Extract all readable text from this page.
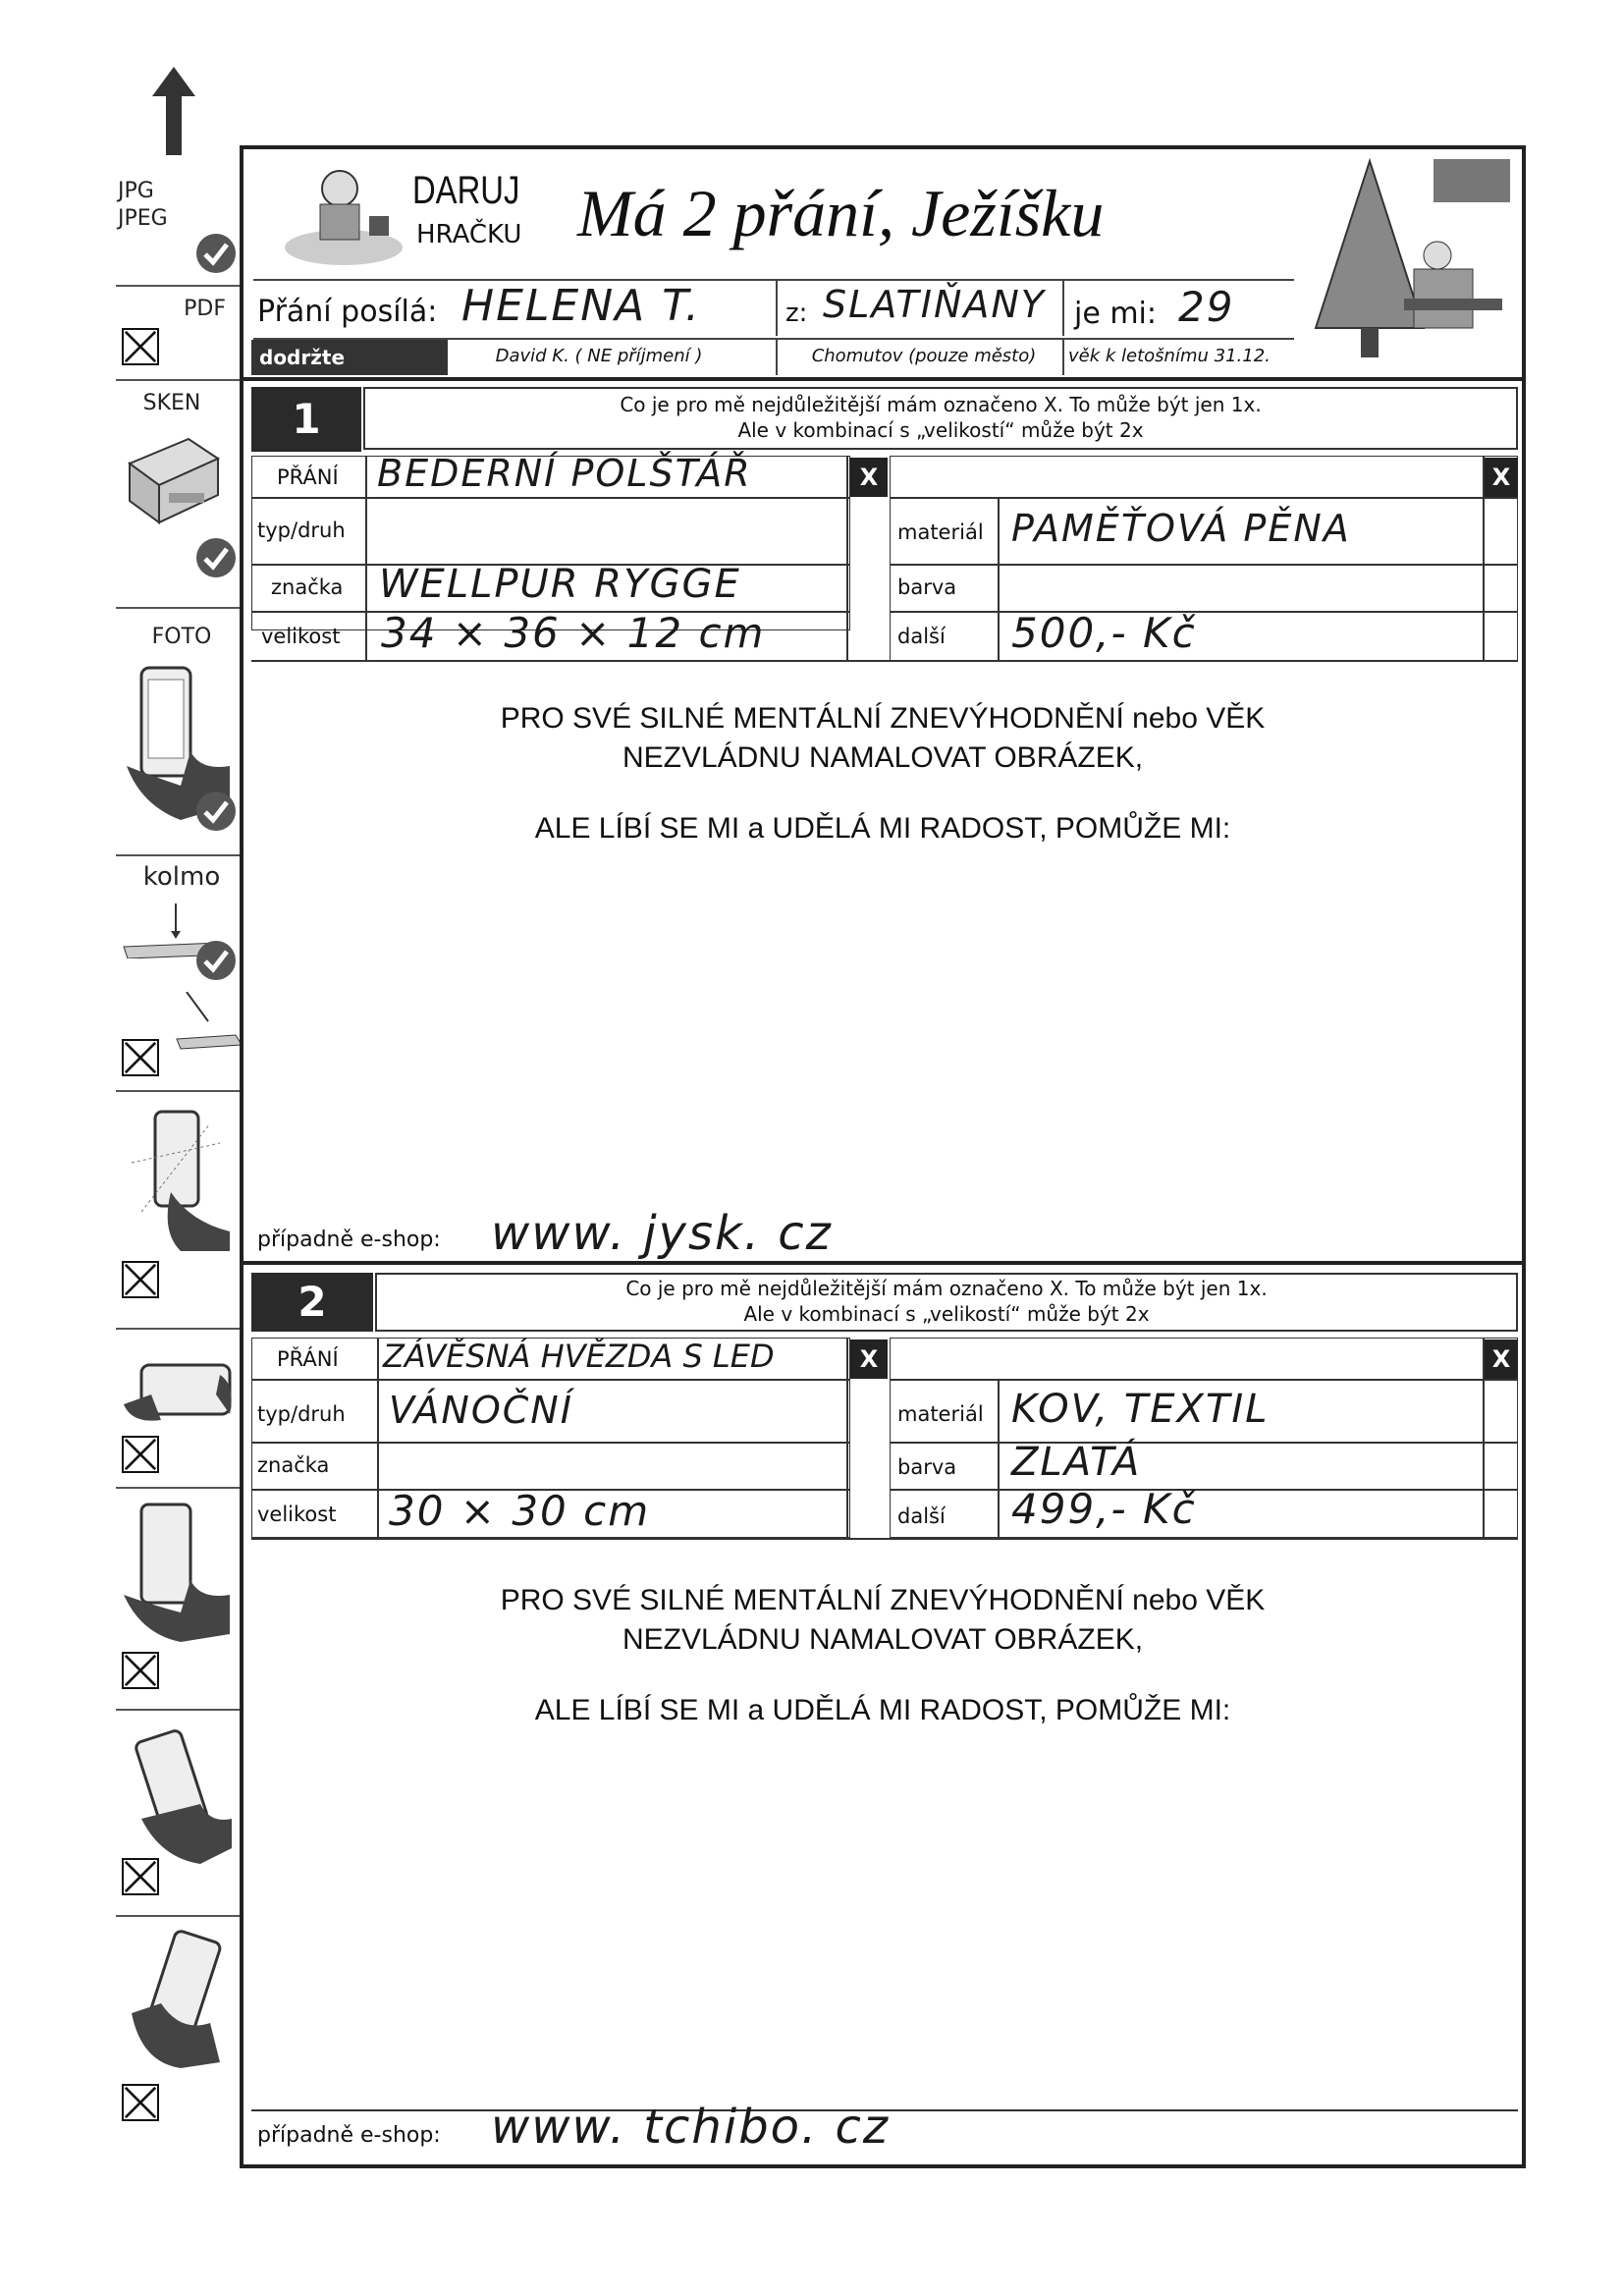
JPG
JPEG
PDF
SKEN
FOTO
kolmo
DARUJ
HRAČKU Má 2 přání, Ježíšku
Přání posílá: HELENA T.	z: SLATIŇANY je mi: 29
dodržte	David K. ( NE příjmení )	Chomutov (pouze město)	věk k letošnímu 31.12.
1	Co je pro mě nejdůležitější mám označeno X. To může být jen 1x.
Ale v kombinací s „velikostí“ může být 2x
PŘÁNÍ BEDERNÍ POLŠTÁŘ
typ/druh
značka WELLPUR RYGGE
velikost 34 × 36 × 12 cm
X	X
materiál PAMĚŤOVÁ PĚNA
barva
další 500,- Kč
PRO SVÉ SILNÉ MENTÁLNÍ ZNEVÝHODNĚNÍ nebo VĚK
NEZVLÁDNU NAMALOVAT OBRÁZEK,
ALE LÍBÍ SE MI a UDĚLÁ MI RADOST, POMŮŽE MI:
případně e-shop: www. jysk. cz
2	Co je pro mě nejdůležitější mám označeno X. To může být jen 1x.
Ale v kombinací s „velikostí“ může být 2x
PŘÁNÍ ZÁVĚSNÁ HVĚZDA S LED
typ/druh VÁNOČNÍ
značka
velikost 30 × 30 cm
X	X
materiál KOV, TEXTIL
barva ZLATÁ
další 499,- Kč
PRO SVÉ SILNÉ MENTÁLNÍ ZNEVÝHODNĚNÍ nebo VĚK
NEZVLÁDNU NAMALOVAT OBRÁZEK,
ALE LÍBÍ SE MI a UDĚLÁ MI RADOST, POMŮŽE MI:
případně e-shop: www. tchibo. cz
